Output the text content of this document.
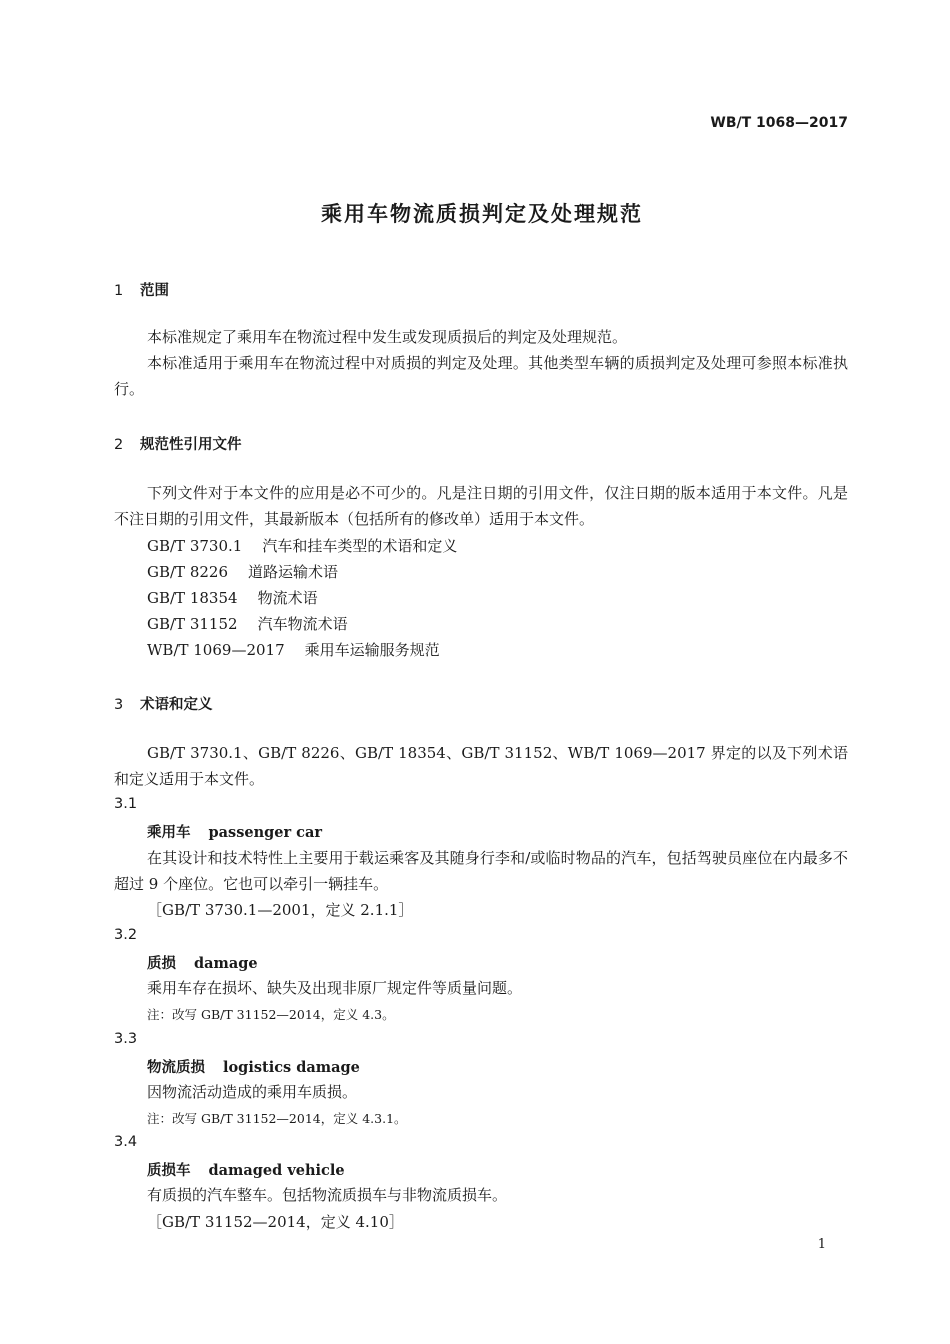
WB/T 1068—2017
乘用车物流质损判定及处理规范
1 范围
本标准规定了乘用车在物流过程中发生或发现质损后的判定及处理规范。
本标准适用于乘用车在物流过程中对质损的判定及处理。其他类型车辆的质损判定及处理可参照本标准执行。
2 规范性引用文件
下列文件对于本文件的应用是必不可少的。凡是注日期的引用文件，仅注日期的版本适用于本文件。凡是不注日期的引用文件，其最新版本（包括所有的修改单）适用于本文件。
GB/T 3730.1 汽车和挂车类型的术语和定义
GB/T 8226 道路运输术语
GB/T 18354 物流术语
GB/T 31152 汽车物流术语
WB/T 1069—2017 乘用车运输服务规范
3 术语和定义
GB/T 3730.1、GB/T 8226、GB/T 18354、GB/T 31152、WB/T 1069—2017 界定的以及下列术语和定义适用于本文件。
3.1
乘用车 passenger car
在其设计和技术特性上主要用于载运乘客及其随身行李和/或临时物品的汽车，包括驾驶员座位在内最多不超过 9 个座位。它也可以牵引一辆挂车。
［GB/T 3730.1—2001，定义 2.1.1］
3.2
质损 damage
乘用车存在损坏、缺失及出现非原厂规定件等质量问题。
注：改写 GB/T 31152—2014，定义 4.3。
3.3
物流质损 logistics damage
因物流活动造成的乘用车质损。
注：改写 GB/T 31152—2014，定义 4.3.1。
3.4
质损车 damaged vehicle
有质损的汽车整车。包括物流质损车与非物流质损车。
［GB/T 31152—2014，定义 4.10］
1
